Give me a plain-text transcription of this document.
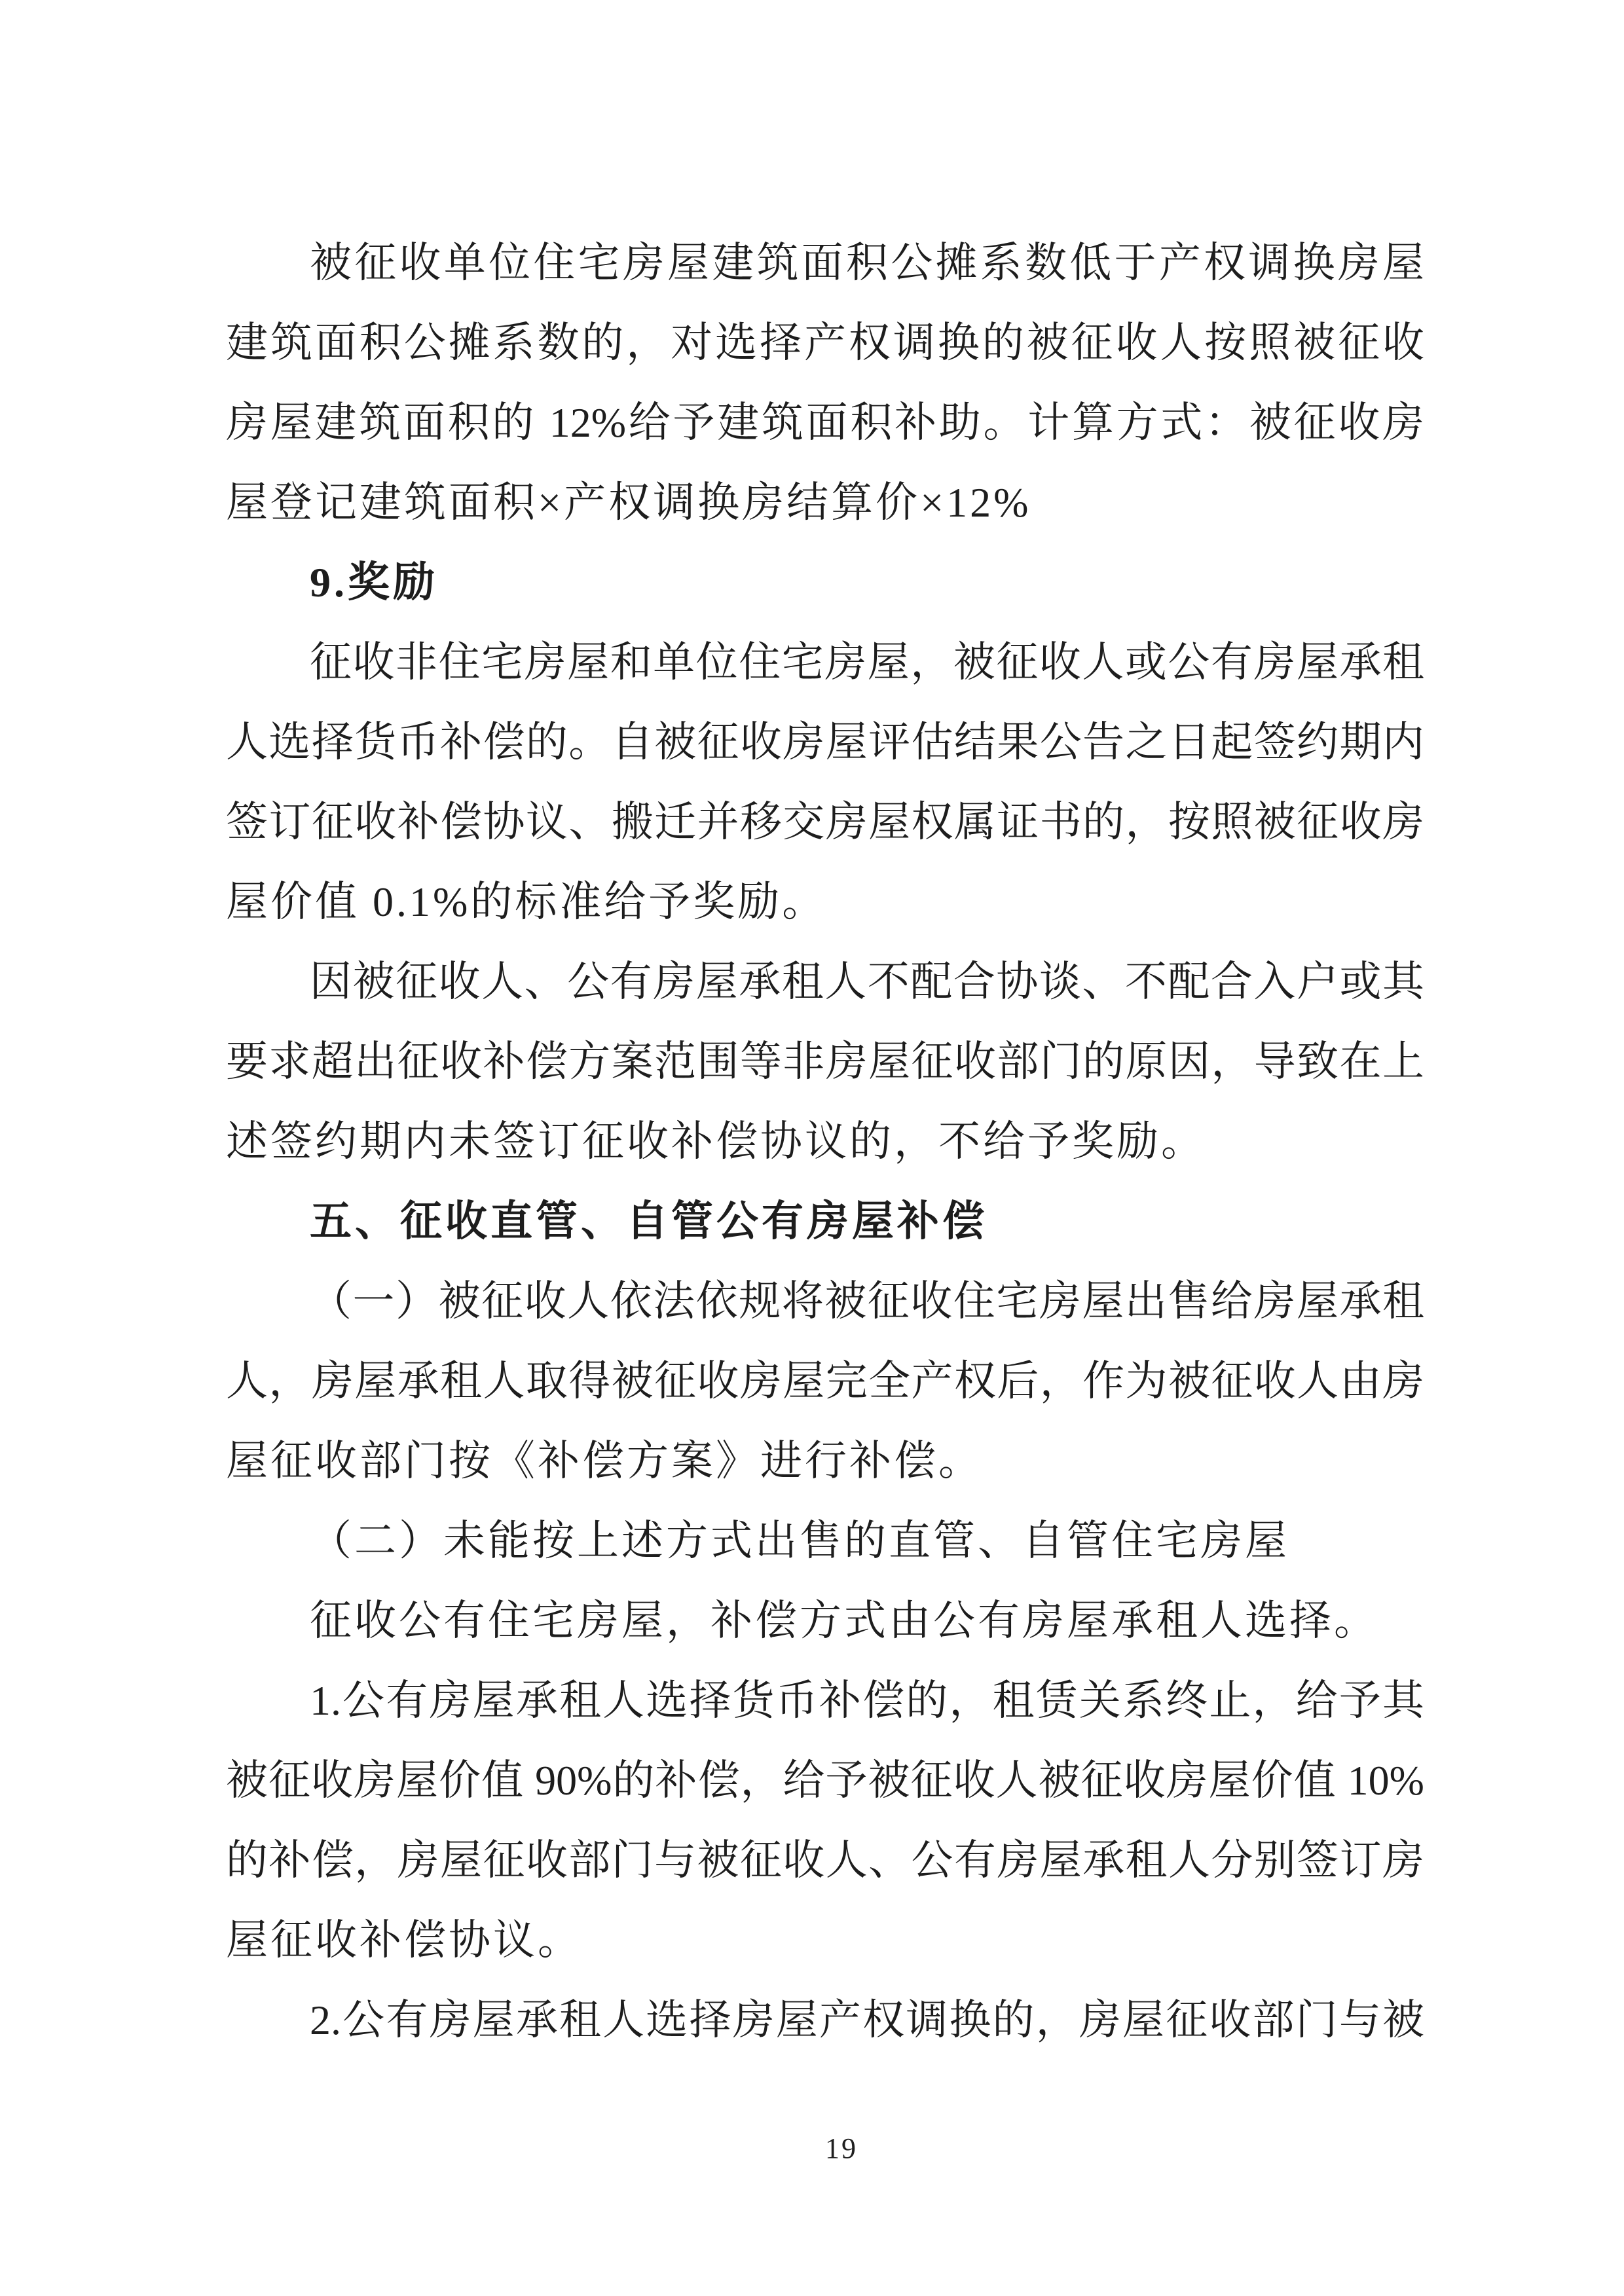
被征收单位住宅房屋建筑面积公摊系数低于产权调换房屋
建筑面积公摊系数的，对选择产权调换的被征收人按照被征收
房屋建筑面积的 12%给予建筑面积补助。计算方式：被征收房
屋登记建筑面积×产权调换房结算价×12%
9.奖励
征收非住宅房屋和单位住宅房屋，被征收人或公有房屋承租
人选择货币补偿的。自被征收房屋评估结果公告之日起签约期内
签订征收补偿协议、搬迁并移交房屋权属证书的，按照被征收房
屋价值 0.1%的标准给予奖励。
因被征收人、公有房屋承租人不配合协谈、不配合入户或其
要求超出征收补偿方案范围等非房屋征收部门的原因，导致在上
述签约期内未签订征收补偿协议的，不给予奖励。
五、征收直管、自管公有房屋补偿
（一）被征收人依法依规将被征收住宅房屋出售给房屋承租
人，房屋承租人取得被征收房屋完全产权后，作为被征收人由房
屋征收部门按《补偿方案》进行补偿。
（二）未能按上述方式出售的直管、自管住宅房屋
征收公有住宅房屋，补偿方式由公有房屋承租人选择。
1.公有房屋承租人选择货币补偿的，租赁关系终止，给予其
被征收房屋价值 90%的补偿，给予被征收人被征收房屋价值 10%
的补偿，房屋征收部门与被征收人、公有房屋承租人分别签订房
屋征收补偿协议。
2.公有房屋承租人选择房屋产权调换的，房屋征收部门与被
19
